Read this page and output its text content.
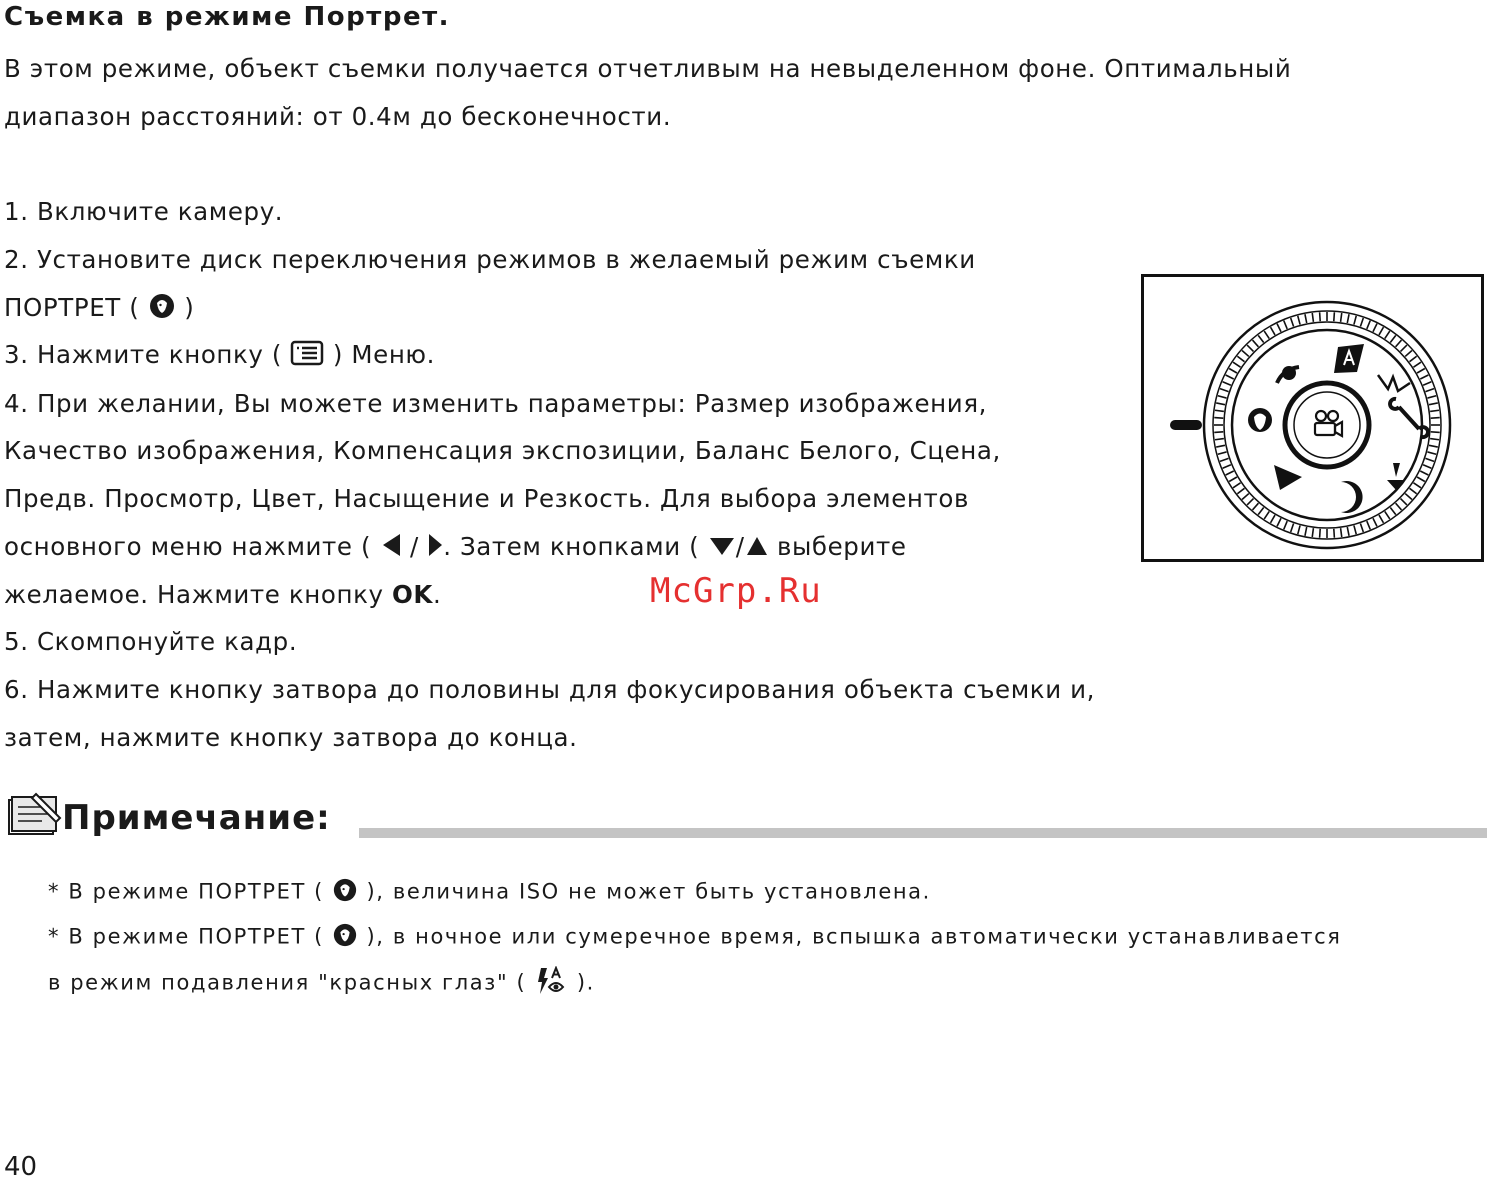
Съемка в режиме Портрет.
В этом режиме, объект съемки получается отчетливым на невыделенном фоне. Оптимальный
диапазон расстояний: от 0.4м до бесконечности.
1. Включите камеру.
2. Установите диск переключения режимов в желаемый режим съемки
ПОРТРЕТ ( )
3. Нажмите кнопку ( ) Меню.
4. При желании, Вы можете изменить параметры: Размер изображения,
Качество изображения, Компенсация экспозиции, Баланс Белого, Сцена,
Предв. Просмотр, Цвет, Насыщение и Резкость. Для выбора элементов
основного меню нажмите ( / . Затем кнопками ( / выберите
желаемое. Нажмите кнопку OK.
5. Скомпонуйте кадр.
6. Нажмите кнопку затвора до половины для фокусирования объекта съемки и,
затем, нажмите кнопку затвора до конца.
McGrp.Ru
Примечание:
* В режиме ПОРТРЕТ ( ), величина ISO не может быть установлена.
* В режиме ПОРТРЕТ ( ), в ночное или сумеречное время, вспышка автоматически устанавливается
в режим подавления "красных глаз" ( ).
40
